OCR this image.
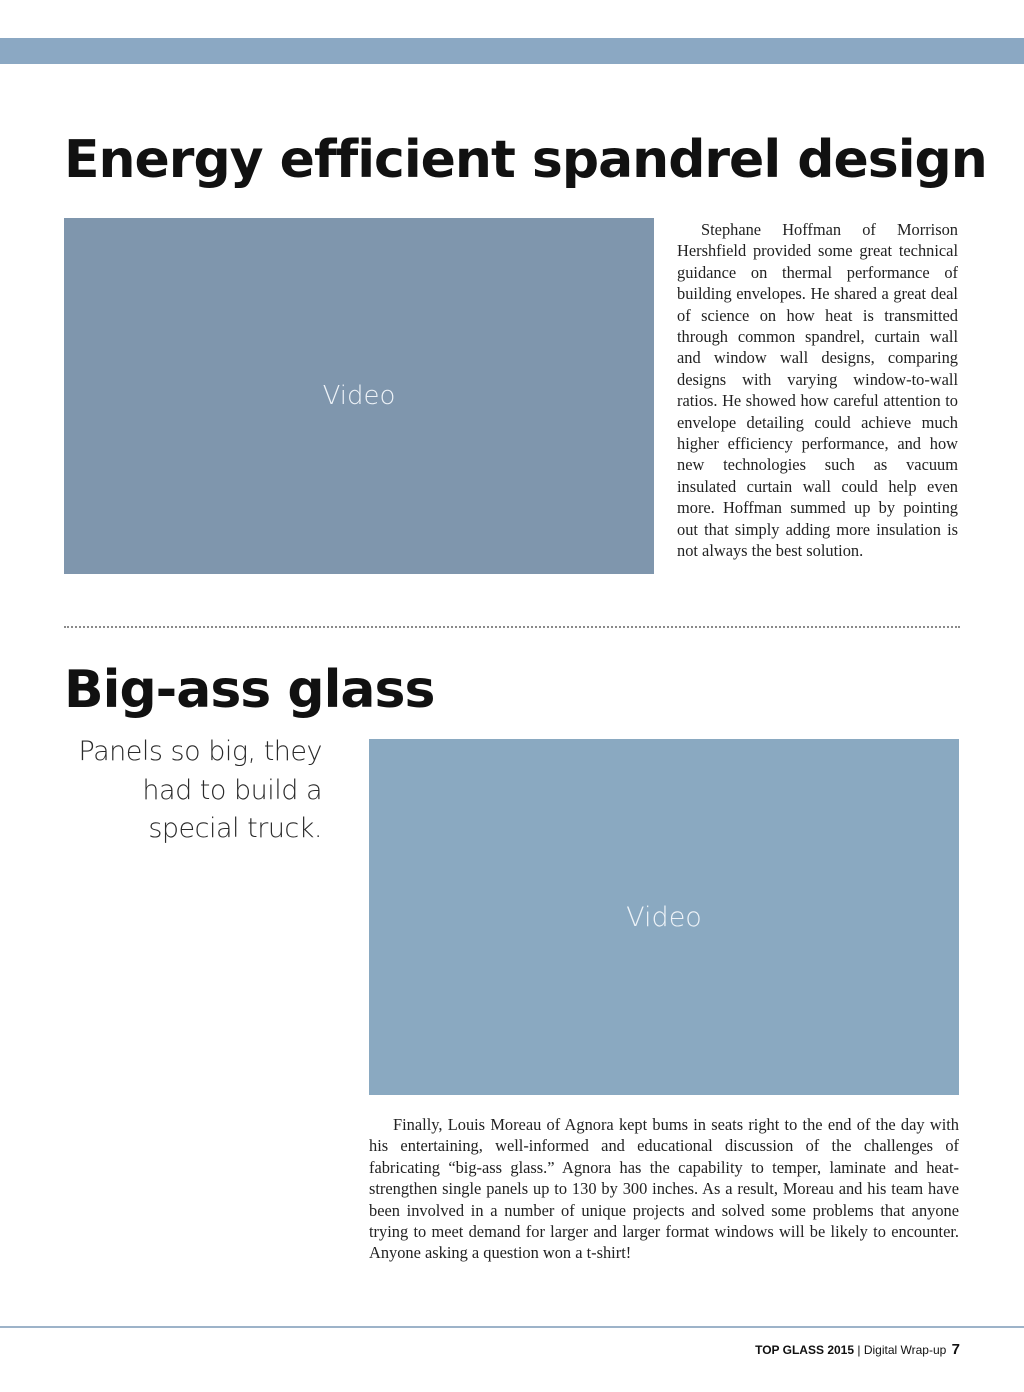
Energy efficient spandrel design
Video

Stephane Hoffman of Morrison Hershfield provided some great technical guidance on thermal performance of building envelopes. He shared a great deal of science on how heat is transmitted through common spandrel, curtain wall and window wall designs, comparing designs with varying window-to-wall ratios. He showed how careful attention to envelope detailing could achieve much higher efficiency performance, and how new technologies such as vacuum insulated curtain wall could help even more. Hoffman summed up by pointing out that simply adding more insulation is not always the best solution.

Big-ass glass

Panels so big, they had to build a special truck.

Video

Finally, Louis Moreau of Agnora kept bums in seats right to the end of the day with his entertaining, well-informed and educational discussion of the challenges of fabricating “big-ass glass.” Agnora has the capability to temper, laminate and heat-strengthen single panels up to 130 by 300 inches. As a result, Moreau and his team have been involved in a number of unique projects and solved some problems that anyone trying to meet demand for larger and larger format windows will be likely to encounter. Anyone asking a question won a t-shirt!

TOP GLASS 2015 | Digital Wrap-up 7
